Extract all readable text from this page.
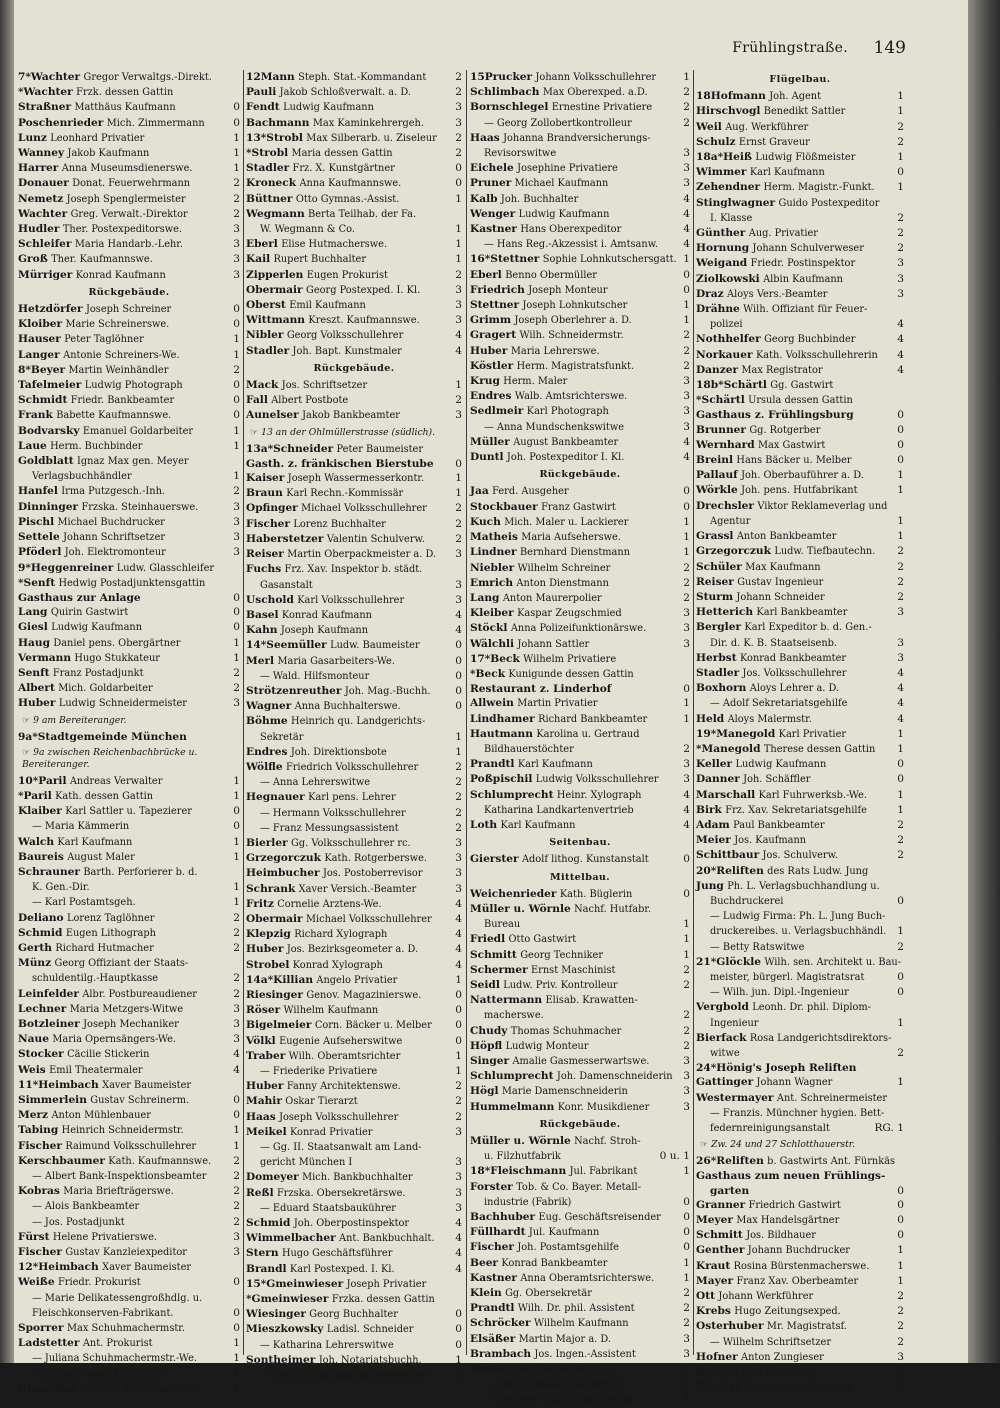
Frühlingstraße. 149
7*Wachter Gregor Verwaltgs.-Direkt.
*Wachter Frzk. dessen Gattin
Straßner Matthäus Kaufmann	0
Poschenrieder Mich. Zimmermann	0
Lunz Leonhard Privatier	1
Wanney Jakob Kaufmann	1
Harrer Anna Museumsdienerswe.	1
Donauer Donat. Feuerwehrmann	2
Nemetz Joseph Spenglermeister	2
Wachter Greg. Verwalt.-Direktor	2
Hudler Ther. Postexpeditorswe.	3
Schleifer Maria Handarb.-Lehr.	3
Groß Ther. Kaufmannswe.	3
Mürriger Konrad Kaufmann	3
Rückgebäude.
Hetzdörfer Joseph Schreiner	0
Kloiber Marie Schreinerswe.	0
Hauser Peter Taglöhner	1
Langer Antonie Schreiners-We.	1
8*Beyer Martin Weinhändler	2
Tafelmeier Ludwig Photograph	0
Schmidt Friedr. Bankbeamter	0
Frank Babette Kaufmannswe.	0
Bodvarsky Emanuel Goldarbeiter	1
Laue Herm. Buchbinder	1
Goldblatt Ignaz Max gen. Meyer
Verlagsbuchhändler	1
Hanfel Irma Putzgesch.-Inh.	2
Dinninger Frzska. Steinhauerswe.	3
Pischl Michael Buchdrucker	3
Settele Johann Schriftsetzer	3
Pföderl Joh. Elektromonteur	3
9*Heggenreiner Ludw. Glasschleifer
*Senft Hedwig Postadjunktensgattin
Gasthaus zur Anlage	0
Lang Quirin Gastwirt	0
Giesl Ludwig Kaufmann	0
Haug Daniel pens. Obergärtner	1
Vermann Hugo Stukkateur	1
Senft Franz Postadjunkt	2
Albert Mich. Goldarbeiter	2
Huber Ludwig Schneidermeister	3
☞ 9 am Bereiteranger.
9a*Stadtgemeinde München
☞ 9a zwischen Reichenbachbrücke u. Bereiteranger.
10*Paril Andreas Verwalter	1
*Paril Kath. dessen Gattin	1
Klaiber Karl Sattler u. Tapezierer	0
— Maria Kämmerin	0
Walch Karl Kaufmann	1
Baureis August Maler	1
Schrauner Barth. Perforierer b. d.
K. Gen.-Dir.	1
— Karl Postamtsgeh.	1
Deliano Lorenz Taglöhner	2
Schmid Eugen Lithograph	2
Gerth Richard Hutmacher	2
Münz Georg Offiziant der Staats-
schuldentilg.-Hauptkasse	2
Leinfelder Albr. Postbureaudiener	2
Lechner Maria Metzgers-Witwe	3
Botzleiner Joseph Mechaniker	3
Naue Maria Opernsängers-We.	3
Stocker Cäcilie Stickerin	4
Weis Emil Theatermaler	4
11*Heimbach Xaver Baumeister
Simmerlein Gustav Schreinerm.	0
Merz Anton Mühlenbauer	0
Tabing Heinrich Schneidermstr.	1
Fischer Raimund Volksschullehrer	1
Kerschbaumer Kath. Kaufmannswe. 2
— Albert Bank-Inspektionsbeamter	2
Kobras Maria Briefträgerswe.	2
— Alois Bankbeamter	2
— Jos. Postadjunkt	2
Fürst Helene Privatierswe.	3
Fischer Gustav Kanzleiexpeditor	3
12*Heimbach Xaver Baumeister
Weiße Friedr. Prokurist	0
— Marie Delikatessengroßhdlg. u.
Fleischkonserven-Fabrikant.	0
Sporrer Max Schuhmachermstr.	0
Ladstetter Ant. Prokurist	1
— Juliana Schuhmachermstr.-We.	1
— Johann Geschäftsführer	1
Diepolder Emil Dr. phil. Chemiker	1
12Mann Steph. Stat.-Kommandant	2
Pauli Jakob Schloßverwalt. a. D.	2
Fendt Ludwig Kaufmann	3
Bachmann Max Kaminkehrergeh.	3
13*Strobl Max Silberarb. u. Ziseleur 2
*Strobl Maria dessen Gattin	2
Stadler Frz. X. Kunstgärtner	0
Kroneck Anna Kaufmannswe.	0
Büttner Otto Gymnas.-Assist.	1
Wegmann Berta Teilhab. der Fa.
W. Wegmann & Co.	1
Eberl Elise Hutmacherswe.	1
Kail Rupert Buchhalter	1
Zipperlen Eugen Prokurist	2
Obermair Georg Postexped. I. Kl.	3
Oberst Emil Kaufmann	3
Wittmann Kreszt. Kaufmannswe.	3
Nibler Georg Volksschullehrer	4
Stadler Joh. Bapt. Kunstmaler	4
Rückgebäude.
Mack Jos. Schriftsetzer	1
Fall Albert Postbote	2
Aunelser Jakob Bankbeamter	3
☞ 13 an der Ohlmüllerstrasse (südlich).
13a*Schneider Peter Baumeister
Gasth. z. fränkischen Bierstube 0
Kaiser Joseph Wassermesserkontr.	1
Braun Karl Rechn.-Kommissär	1
Opfinger Michael Volksschullehrer	2
Fischer Lorenz Buchhalter	2
Haberstetzer Valentin Schulverw.	2
Reiser Martin Oberpackmeister a. D. 3
Fuchs Frz. Xav. Inspektor b. städt.
Gasanstalt	3
Uschold Karl Volksschullehrer	3
Basel Konrad Kaufmann	4
Kahn Joseph Kaufmann	4
14*Seemüller Ludw. Baumeister	0
Merl Maria Gasarbeiters-We.	0
— Wald. Hilfsmonteur	0
Strötzenreuther Joh. Mag.-Buchh. 0
Wagner Anna Buchhalterswe.	0
Böhme Heinrich qu. Landgerichts-
Sekretär	1
Endres Joh. Direktionsbote	1
Wölfle Friedrich Volksschullehrer	2
— Anna Lehrerswitwe	2
Hegnauer Karl pens. Lehrer	2
— Hermann Volksschullehrer	2
— Franz Messungsassistent	2
Bierler Gg. Volksschullehrer rc.	3
Grzegorczuk Kath. Rotgerberswe.	3
Heimbucher Jos. Postoberrevisor	3
Schrank Xaver Versich.-Beamter	3
Fritz Cornelie Arztens-We.	4
Obermair Michael Volksschullehrer 4
Klepzig Richard Xylograph	4
Huber Jos. Bezirksgeometer a. D.	4
Strobel Konrad Xylograph	4
14a*Killian Angelo Privatier	1
Riesinger Genov. Magazinierswe.	0
Röser Wilhelm Kaufmann	0
Bigelmeier Corn. Bäcker u. Melber 0
Völkl Eugenie Aufseherswitwe	0
Traber Wilh. Oberamtsrichter	1
— Friederike Privatiere	1
Huber Fanny Architektenswe.	2
Mahir Oskar Tierarzt	2
Haas Joseph Volksschullehrer	2
Meikel Konrad Privatier	3
— Gg. II. Staatsanwalt am Land-
gericht München I	3
Domeyer Mich. Bankbuchhalter	3
Reßl Frzska. Obersekretärswe.	3
— Eduard Staatsbaukührer	3
Schmid Joh. Oberpostinspektor	4
Wimmelbacher Ant. Bankbuchhalt. 4
Stern Hugo Geschäftsführer	4
Brandl Karl Postexped. I. Kl.	4
15*Gmeinwieser Joseph Privatier
*Gmeinwieser Frzka. dessen Gattin
Wiesinger Georg Buchhalter	0
Mieszkowsky Ladisl. Schneider	0
— Katharina Lehrerswitwe	0
Sontheimer Joh. Notariatsbuchh.	1
— Bab. Strafanstaltslehrerswitwe	1
15Prucker Johann Volksschullehrer	1
Schlimbach Max Oberexped. a.D.	2
Bornschlegel Ernestine Privatiere	2
— Georg Zollobertkontrolleur	2
Haas Johanna Brandversicherungs-
Revisorswitwe	3
Eichele Josephine Privatiere	3
Pruner Michael Kaufmann	3
Kalb Joh. Buchhalter	4
Wenger Ludwig Kaufmann	4
Kastner Hans Oberexpeditor	4
— Hans Reg.-Akzessist i. Amtsanw. 4
16*Stettner Sophie Lohnkutschersgatt. 1
Eberl Benno Obermüller	0
Friedrich Joseph Monteur	0
Stettner Joseph Lohnkutscher	1
Grimm Joseph Oberlehrer a. D.	1
Gragert Wilh. Schneidermstr.	2
Huber Maria Lehrerswe.	2
Köstler Herm. Magistratsfunkt.	2
Krug Herm. Maler	3
Endres Walb. Amtsrichterswe.	3
Sedlmeir Karl Photograph	3
— Anna Mundschenkswitwe	3
Müller August Bankbeamter	4
Duntl Joh. Postexpeditor I. Kl.	4
Rückgebäude.
Jaa Ferd. Ausgeher	0
Stockbauer Franz Gastwirt	0
Kuch Mich. Maler u. Lackierer	1
Matheis Maria Aufseherswe.	1
Lindner Bernhard Dienstmann	1
Niebler Wilhelm Schreiner	2
Emrich Anton Dienstmann	2
Lang Anton Maurerpolier	2
Kleiber Kaspar Zeugschmied	3
Stöckl Anna Polizeifunktionärswe.	3
Wälchli Johann Sattler	3
17*Beck Wilhelm Privatiere
*Beck Kunigunde dessen Gattin
Restaurant z. Linderhof	0
Allwein Martin Privatier	1
Lindhamer Richard Bankbeamter	1
Hautmann Karolina u. Gertraud
Bildhauerstöchter	2
Prandtl Karl Kaufmann	3
Poßpischil Ludwig Volksschullehrer 3
Schlumprecht Heinr. Xylograph	4
Katharina Landkartenvertrieb	4
Loth Karl Kaufmann	4
Seitenbau.
Gierster Adolf lithog. Kunstanstalt	0
Mittelbau.
Weichenrieder Kath. Büglerin	0
Müller u. Wörnle Nachf. Hutfabr.
Bureau	1
Friedl Otto Gastwirt	1
Schmitt Georg Techniker	1
Schermer Ernst Maschinist	2
Seidl Ludw. Priv. Kontrolleur	2
Nattermann Elisab. Krawatten-
macherswe.	2
Chudy Thomas Schuhmacher	2
Höpfl Ludwig Monteur	2
Singer Amalie Gasmesserwartswe.	3
Schlumprecht Joh. Damenschneiderin 3
Högl Marie Damenschneiderin	3
Hummelmann Konr. Musikdiener	3
Rückgebäude.
Müller u. Wörnle Nachf. Stroh-
u. Filzhutfabrik	0 u. 1
18*Fleischmann Jul. Fabrikant	1
Forster Tob. & Co. Bayer. Metall-
industrie (Fabrik)	0
Bachhuber Eug. Geschäftsreisender 0
Füllhardt Jul. Kaufmann	0
Fischer Joh. Postamtsgehilfe	0
Beer Konrad Bankbeamter	1
Kastner Anna Oberamtsrichterswe.	1
Klein Gg. Obersekretär	2
Prandtl Wilh. Dr. phil. Assistent	2
Schröcker Wilhelm Kaufmann	2
Elsäßer Martin Major a. D.	3
Brambach Jos. Ingen.-Assistent	3
Pfister Joh. Oberlehrer a. D.	4
— Maria Volksschullehrerin	4
— Therese Volksschullehrerin	4
Flügelbau.
18Hofmann Joh. Agent	1
Hirschvogl Benedikt Sattler	1
Weil Aug. Werkführer	2
Schulz Ernst Graveur	2
18a*Heiß Ludwig Flößmeister	1
Wimmer Karl Kaufmann	0
Zehendner Herm. Magistr.-Funkt. 1
Stinglwagner Guido Postexpeditor
I. Klasse	2
Günther Aug. Privatier	2
Hornung Johann Schulverweser	2
Weigand Friedr. Postinspektor	3
Ziolkowski Albin Kaufmann	3
Draz Aloys Vers.-Beamter	3
Drähne Wilh. Offiziant für Feuer-
polizei	4
Nothhelfer Georg Buchbinder	4
Norkauer Kath. Volksschullehrerin 4
Danzer Max Registrator	4
18b*Schärtl Gg. Gastwirt
*Schärtl Ursula dessen Gattin
Gasthaus z. Frühlingsburg	0
Brunner Gg. Rotgerber	0
Wernhard Max Gastwirt	0
Breinl Hans Bäcker u. Melber	0
Pallauf Joh. Oberbauführer a. D.	1
Wörkle Joh. pens. Hutfabrikant	1
Drechsler Viktor Reklameverlag und
Agentur	1
Grassl Anton Bankbeamter	1
Grzegorczuk Ludw. Tiefbautechn. 2
Schüler Max Kaufmann	2
Reiser Gustav Ingenieur	2
Sturm Johann Schneider	2
Hetterich Karl Bankbeamter	3
Bergler Karl Expeditor b. d. Gen.-
Dir. d. K. B. Staatseisenb.	3
Herbst Konrad Bankbeamter	3
Stadler Jos. Volksschullehrer	4
Boxhorn Aloys Lehrer a. D.	4
— Adolf Sekretariatsgehilfe	4
Held Aloys Malermstr.	4
19*Manegold Karl Privatier	1
*Manegold Therese dessen Gattin 1
Keller Ludwig Kaufmann	0
Danner Joh. Schäffler	0
Marschall Karl Fuhrwerksb.-We.	1
Birk Frz. Xav. Sekretariatsgehilfe	1
Adam Paul Bankbeamter	2
Meier Jos. Kaufmann	2
Schittbaur Jos. Schulverw.	2
20*Reliften des Rats Ludw. Jung
Jung Ph. L. Verlagsbuchhandlung u.
Buchdruckerei	0
— Ludwig Firma: Ph. L. Jung Buch-
druckereibes. u. Verlagsbuchhändl. 1
— Betty Ratswitwe	2
21*Glöckle Wilh. sen. Architekt u. Bau-
meister, bürgerl. Magistratsrat	0
— Wilh. jun. Dipl.-Ingenieur	0
Vergbold Leonh. Dr. phil. Diplom-
Ingenieur	1
Bierfack Rosa Landgerichtsdirektors-
witwe	2
24*Hönig's Joseph Reliften
Gattinger Johann Wagner	1
Westermayer Ant. Schreinermeister
— Franzis. Münchner hygien. Bett-
federnreinigungsanstalt	RG. 1
☞ Zw. 24 und 27 Schlotthauerstr.
26*Reliften b. Gastwirts Ant. Fürnkäs
Gasthaus zum neuen Frühlings-
garten	0
Granner Friedrich Gastwirt	0
Meyer Max Handelsgärtner	0
Schmitt Jos. Bildhauer	0
Genther Johann Buchdrucker	1
Kraut Rosina Bürstenmacherswe.	1
Mayer Franz Xav. Oberbeamter	1
Ott Johann Werkführer	2
Krebs Hugo Zeitungsexped.	2
Osterhuber Mr. Magistratsf.	2
— Wilhelm Schriftsetzer	2
Hofner Anton Zungieser	3
Rubick Karl Rotgerber	3
Bischel Hieronymus Kutscher	3
